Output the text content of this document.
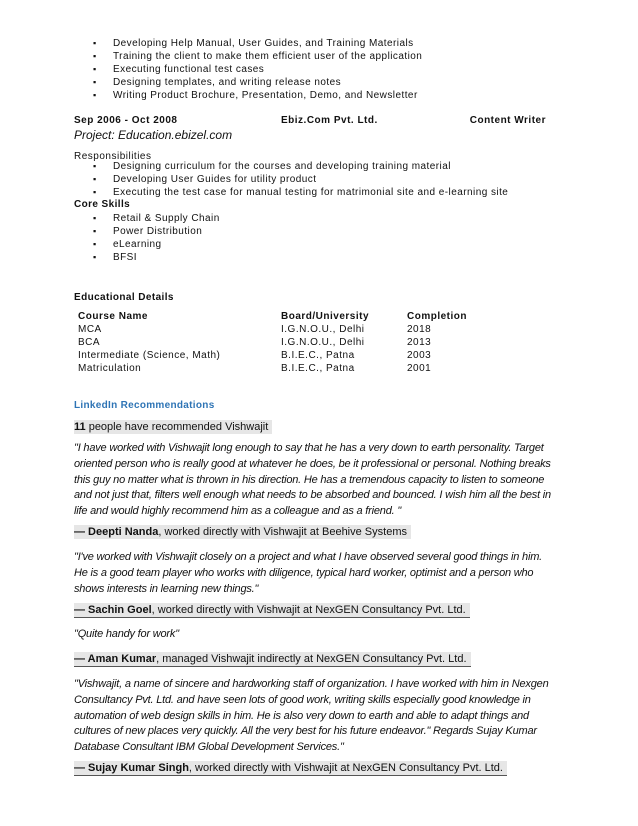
▪ Developing Help Manual, User Guides, and Training Materials
▪ Training the client to make them efficient user of the application
▪ Executing functional test cases
▪ Designing templates, and writing release notes
▪ Writing Product Brochure, Presentation, Demo, and Newsletter
Sep 2006 - Oct 2008	Ebiz.Com Pvt. Ltd.	Content Writer
Project: Education.ebizel.com
Responsibilities
▪ Designing curriculum for the courses and developing training material
▪ Developing User Guides for utility product
▪ Executing the test case for manual testing for matrimonial site and e-learning site
Core Skills
▪ Retail & Supply Chain
▪ Power Distribution
▪ eLearning
▪ BFSI
Educational Details
Course Name	Board/University	Completion
MCA	I.G.N.O.U., Delhi	2018
BCA	I.G.N.O.U., Delhi	2013
Intermediate (Science, Math)	B.I.E.C., Patna	2003
Matriculation	B.I.E.C., Patna	2001
LinkedIn Recommendations
11 people have recommended Vishwajit
"I have worked with Vishwajit long enough to say that he has a very down to earth personality. Target oriented person who is really good at whatever he does, be it professional or personal. Nothing breaks this guy no matter what is thrown in his direction. He has a tremendous capacity to listen to someone and not just that, filters well enough what needs to be absorbed and bounced. I wish him all the best in life and would highly recommend him as a colleague and as a friend. "
— Deepti Nanda, worked directly with Vishwajit at Beehive Systems
"I've worked with Vishwajit closely on a project and what I have observed several good things in him. He is a good team player who works with diligence, typical hard worker, optimist and a person who shows interests in learning new things."
— Sachin Goel, worked directly with Vishwajit at NexGEN Consultancy Pvt. Ltd.
"Quite handy for work"
— Aman Kumar, managed Vishwajit indirectly at NexGEN Consultancy Pvt. Ltd.
"Vishwajit, a name of sincere and hardworking staff of organization. I have worked with him in Nexgen Consultancy Pvt. Ltd. and have seen lots of good work, writing skills especially good knowledge in automation of web design skills in him. He is also very down to earth and able to adapt things and cultures of new places very quickly. All the very best for his future endeavor." Regards Sujay Kumar Database Consultant IBM Global Development Services."
— Sujay Kumar Singh, worked directly with Vishwajit at NexGEN Consultancy Pvt. Ltd.
